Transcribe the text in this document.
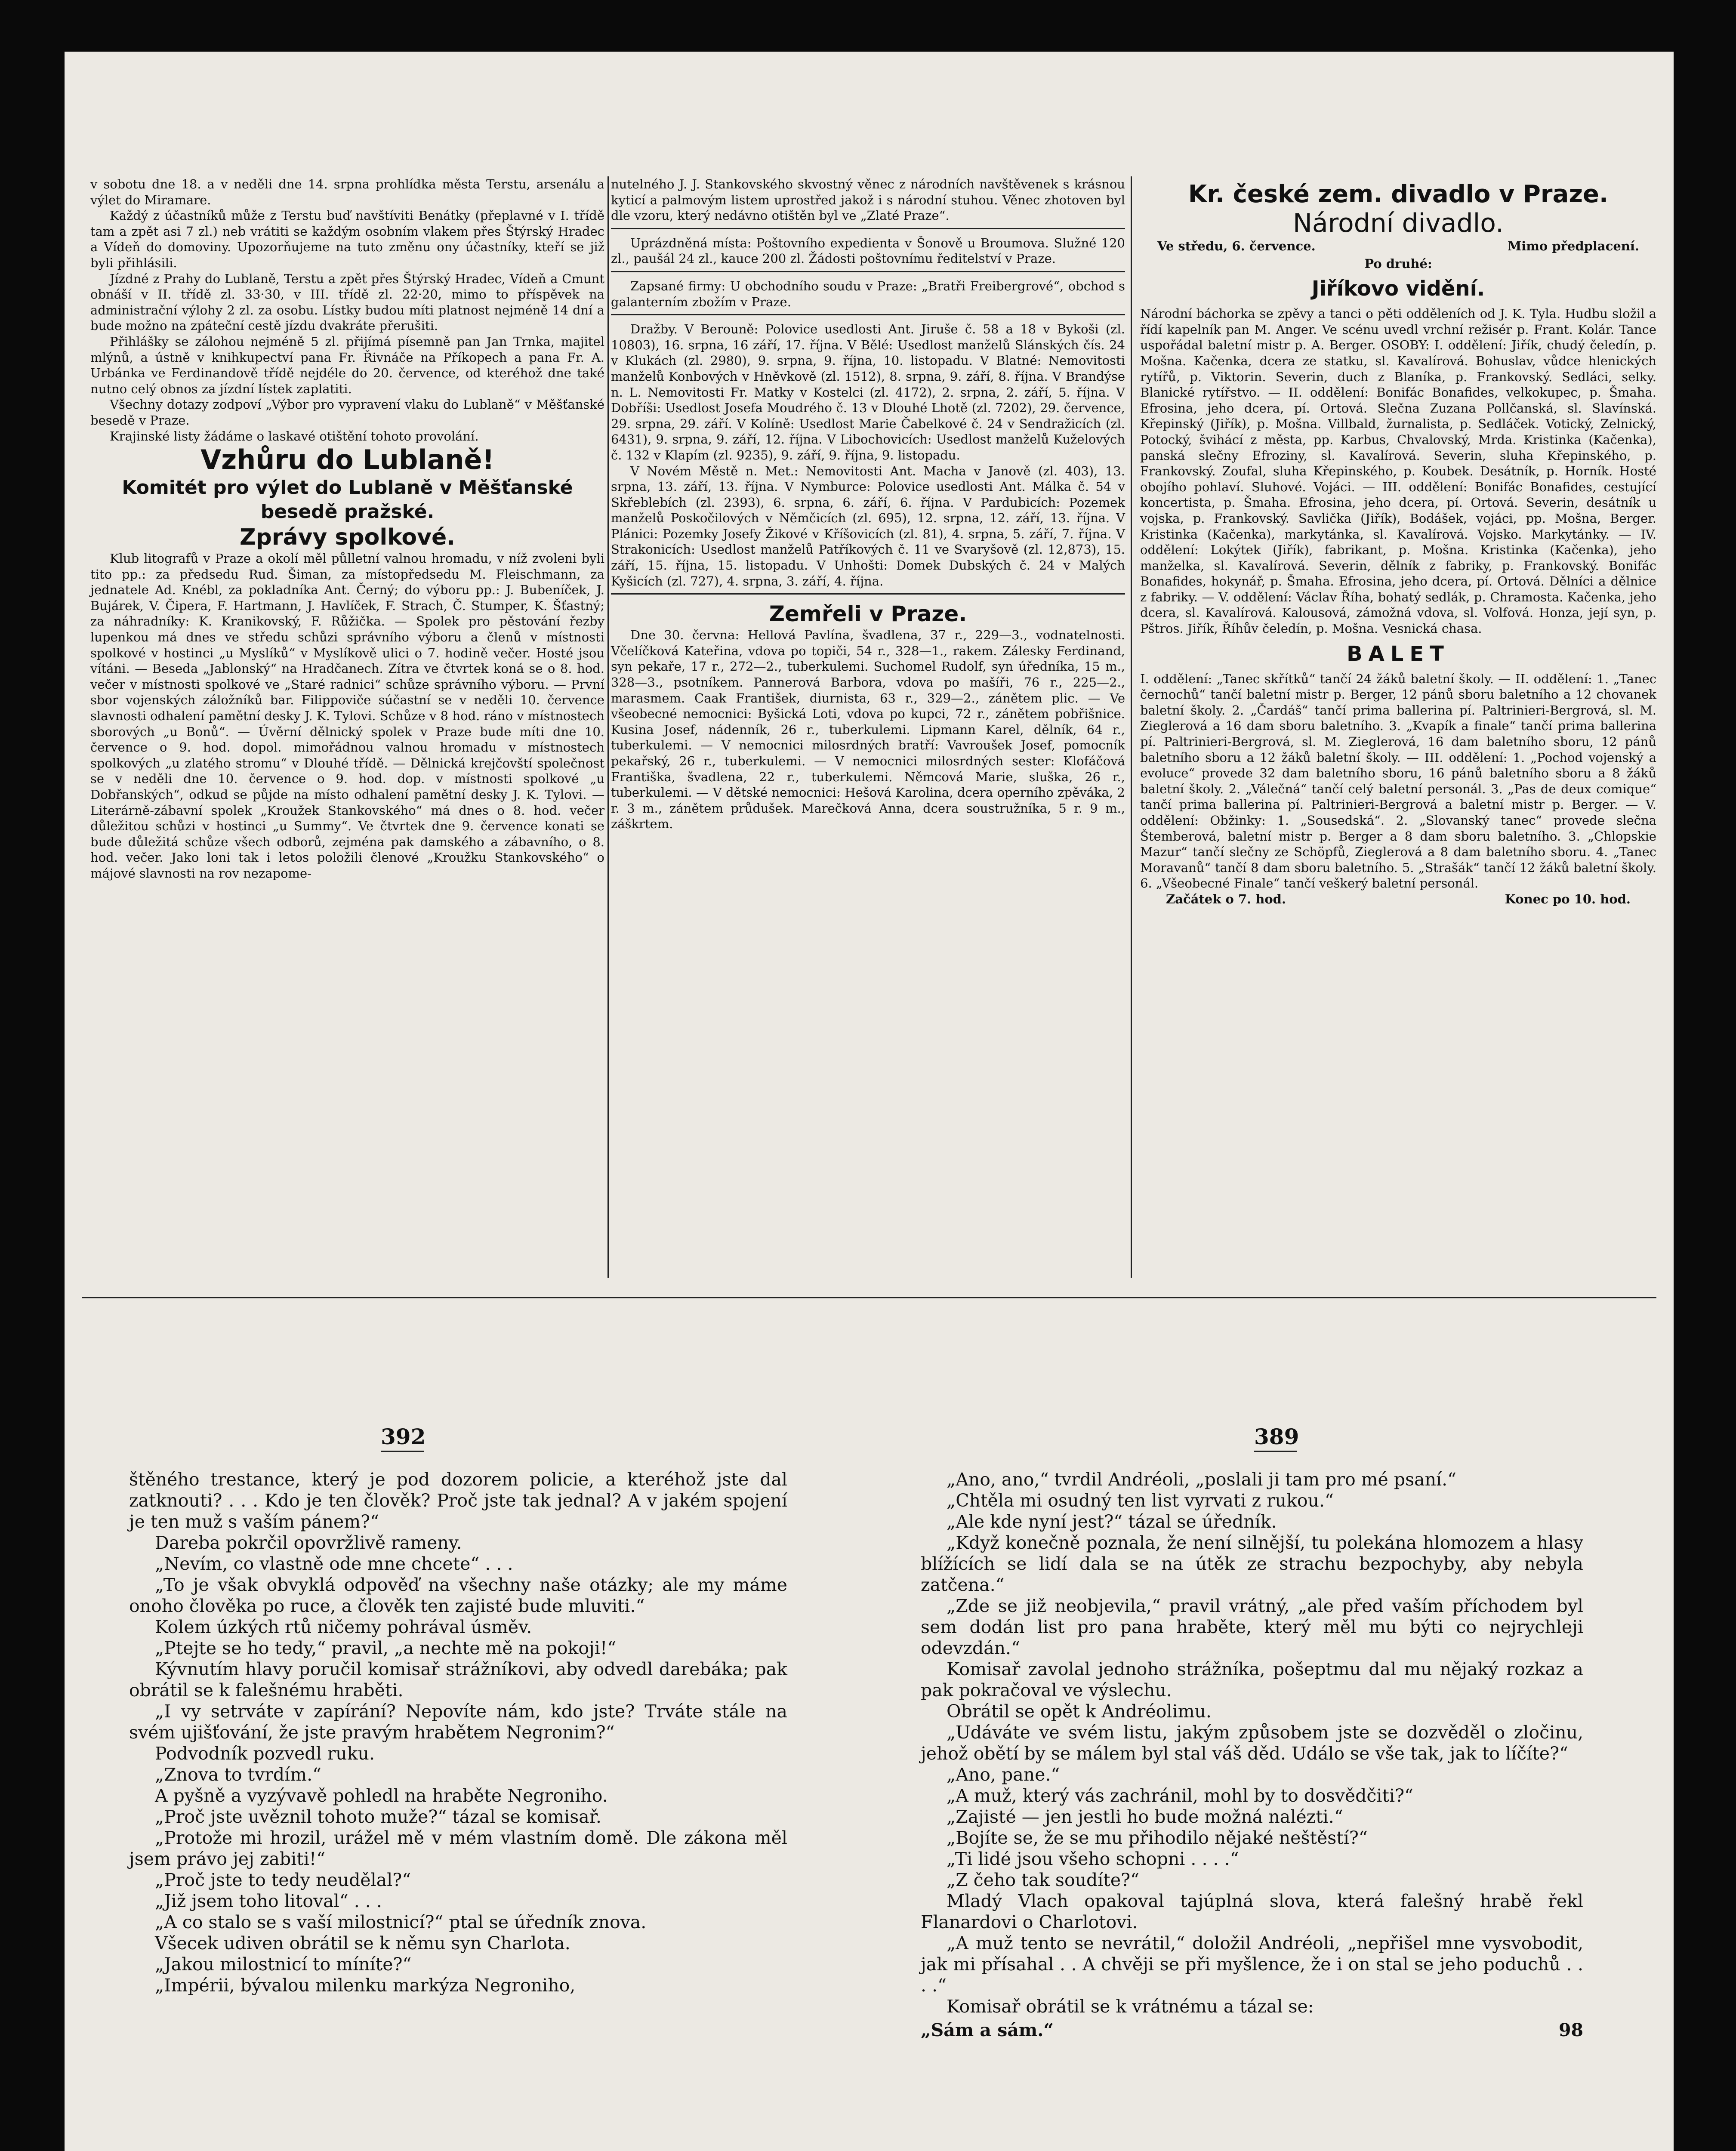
v sobotu dne 18. a v neděli dne 14. srpna prohlídka města Terstu, arsenálu a výlet do Miramare.

Každý z účastníků může z Terstu buď navštíviti Benátky (přeplavné v I. třídě tam a zpět asi 7 zl.) neb vrátiti se každým osobním vlakem přes Štýrský Hradec a Vídeň do domoviny. Upozorňujeme na tuto změnu ony účastníky, kteří se již byli přihlásili.

Jízdné z Prahy do Lublaně, Terstu a zpět přes Štýrský Hradec, Vídeň a Cmunt obnáší v II. třídě zl. 33·30, v III. třídě zl. 22·20, mimo to příspěvek na administrační výlohy 2 zl. za osobu. Lístky budou míti platnost nejméně 14 dní a bude možno na zpáteční cestě jízdu dvakráte přerušiti.

Přihlášky se zálohou nejméně 5 zl. přijímá písemně pan Jan Trnka, majitel mlýnů, a ústně v knihkupectví pana Fr. Řivnáče na Příkopech a pana Fr. A. Urbánka ve Ferdinandově třídě nejdéle do 20. července, od kteréhož dne také nutno celý obnos za jízdní lístek zaplatiti.

Všechny dotazy zodpoví „Výbor pro vypravení vlaku do Lublaně“ v Měšťanské besedě v Praze.

Krajinské listy žádáme o laskavé otištění tohoto provolání.

Vzhůru do Lublaně!

Komitét pro výlet do Lublaně v Měšťanské besedě pražské.

Zprávy spolkové.

Klub litografů v Praze a okolí měl půlletní valnou hromadu, v níž zvoleni byli tito pp.: za předsedu Rud. Šiman, za místopředsedu M. Fleischmann, za jednatele Ad. Knébl, za pokladníka Ant. Černý; do výboru pp.: J. Bubeníček, J. Bujárek, V. Čipera, F. Hartmann, J. Havlíček, F. Strach, Č. Stumper, K. Šťastný; za náhradníky: K. Kranikovský, F. Růžička. — Spolek pro pěstování řezby lupenkou má dnes ve středu schůzi správního výboru a členů v místnosti spolkové v hostinci „u Myslíků“ v Myslíkově ulici o 7. hodině večer. Hosté jsou vítáni. — Beseda „Jablonský“ na Hradčanech. Zítra ve čtvrtek koná se o 8. hod. večer v místnosti spolkové ve „Staré radnici“ schůze správního výboru. — První sbor vojenských záložníků bar. Filippoviče súčastní se v neděli 10. července slavnosti odhalení pamětní desky J. K. Tylovi. Schůze v 8 hod. ráno v místnostech sborových „u Bonů“. — Úvěrní dělnický spolek v Praze bude míti dne 10. července o 9. hod. dopol. mimořádnou valnou hromadu v místnostech spolkových „u zlatého stromu“ v Dlouhé třídě. — Dělnická krejčovští společnost se v neděli dne 10. července o 9. hod. dop. v místnosti spolkové „u Dobřanských“, odkud se půjde na místo odhalení pamětní desky J. K. Tylovi. — Literárně-zábavní spolek „Kroužek Stankovského“ má dnes o 8. hod. večer důležitou schůzi v hostinci „u Summy“. Ve čtvrtek dne 9. července konati se bude důležitá schůze všech odborů, zejména pak damského a zábavního, o 8. hod. večer. Jako loni tak i letos položili členové „Kroužku Stankovského“ o májové slavnosti na rov nezapome-

nutelného J. J. Stankovského skvostný věnec z národních navštěvenek s krásnou kyticí a palmovým listem uprostřed jakož i s národní stuhou. Věnec zhotoven byl dle vzoru, který nedávno otištěn byl ve „Zlaté Praze“.

Uprázdněná místa: Poštovního expedienta v Šonově u Broumova. Služné 120 zl., paušál 24 zl., kauce 200 zl. Žádosti poštovnímu ředitelství v Praze.

Zapsané firmy: U obchodního soudu v Praze: „Bratři Freibergrové“, obchod s galanterním zbožím v Praze.

Dražby. V Berouně: Polovice usedlosti Ant. Jiruše č. 58 a 18 v Bykoši (zl. 10803), 16. srpna, 16 září, 17. října. V Bělé: Usedlost manželů Slánských čís. 24 v Klukách (zl. 2980), 9. srpna, 9. října, 10. listopadu. V Blatné: Nemovitosti manželů Konbových v Hněvkově (zl. 1512), 8. srpna, 9. září, 8. října. V Brandýse n. L. Nemovitosti Fr. Matky v Kostelci (zl. 4172), 2. srpna, 2. září, 5. října. V Dobříši: Usedlost Josefa Moudrého č. 13 v Dlouhé Lhotě (zl. 7202), 29. července, 29. srpna, 29. září. V Kolíně: Usedlost Marie Čabelkové č. 24 v Sendražicích (zl. 6431), 9. srpna, 9. září, 12. října. V Libochovicích: Usedlost manželů Kuželových č. 132 v Klapím (zl. 9235), 9. září, 9. října, 9. listopadu.

V Novém Městě n. Met.: Nemovitosti Ant. Macha v Janově (zl. 403), 13. srpna, 13. září, 13. října. V Nymburce: Polovice usedlosti Ant. Málka č. 54 v Skřeblebích (zl. 2393), 6. srpna, 6. září, 6. října. V Pardubicích: Pozemek manželů Poskočilových v Němčicích (zl. 695), 12. srpna, 12. září, 13. října. V Plánici: Pozemky Josefy Žikové v Kříšovicích (zl. 81), 4. srpna, 5. září, 7. října. V Strakonicích: Usedlost manželů Patříkových č. 11 ve Svaryšově (zl. 12,873), 15. září, 15. října, 15. listopadu. V Unhošti: Domek Dubských č. 24 v Malých Kyšicích (zl. 727), 4. srpna, 3. září, 4. října.

Zemřeli v Praze.

Dne 30. června: Hellová Pavlína, švadlena, 37 r., 229—3., vodnatelnosti. Včelíčková Kateřina, vdova po topiči, 54 r., 328—1., rakem. Zálesky Ferdinand, syn pekaře, 17 r., 272—2., tuberkulemi. Suchomel Rudolf, syn úředníka, 15 m., 328—3., psotníkem. Pannerová Barbora, vdova po mašíři, 76 r., 225—2., marasmem. Caak František, diurnista, 63 r., 329—2., zánětem plic. — Ve všeobecné nemocnici: Byšická Loti, vdova po kupci, 72 r., zánětem pobřišnice. Kusina Josef, nádenník, 26 r., tuberkulemi. Lipmann Karel, dělník, 64 r., tuberkulemi. — V nemocnici milosrdných bratří: Vavroušek Josef, pomocník pekařský, 26 r., tuberkulemi. — V nemocnici milosrdných sester: Klofáčová Františka, švadlena, 22 r., tuberkulemi. Němcová Marie, sluška, 26 r., tuberkulemi. — V dětské nemocnici: Hešová Karolina, dcera operního zpěváka, 2 r. 3 m., zánětem průdušek. Marečková Anna, dcera soustružníka, 5 r. 9 m., záškrtem.

Kr. české zem. divadlo v Praze.
Národní divadlo.
Ve středu, 6. července.	Mimo předplacení.
Po druhé:
Jiříkovo vidění.

Národní báchorka se zpěvy a tanci o pěti odděleních od J. K. Tyla. Hudbu složil a řídí kapelník pan M. Anger. Ve scénu uvedl vrchní režisér p. Frant. Kolár. Tance uspořádal baletní mistr p. A. Berger. OSOBY: I. oddělení: Jiřík, chudý čeledín, p. Mošna. Kačenka, dcera ze statku, sl. Kavalírová. Bohuslav, vůdce hlenických rytířů, p. Viktorin. Severin, duch z Blaníka, p. Frankovský. Sedláci, selky. Blanické rytířstvo. — II. oddělení: Bonifác Bonafides, velkokupec, p. Šmaha. Efrosina, jeho dcera, pí. Ortová. Slečna Zuzana Pollčanská, sl. Slavínská. Křepinský (Jiřík), p. Mošna. Villbald, žurnalista, p. Sedláček. Votický, Zelnický, Potocký, švihácí z města, pp. Karbus, Chvalovský, Mrda. Kristinka (Kačenka), panská slečny Efroziny, sl. Kavalírová. Severin, sluha Křepinského, p. Frankovský. Zoufal, sluha Křepinského, p. Koubek. Desátník, p. Horník. Hosté obojího pohlaví. Sluhové. Vojáci. — III. oddělení: Bonifác Bonafides, cestující koncertista, p. Šmaha. Efrosina, jeho dcera, pí. Ortová. Severin, desátník u vojska, p. Frankovský. Savlička (Jiřík), Bodášek, vojáci, pp. Mošna, Berger. Kristinka (Kačenka), markytánka, sl. Kavalírová. Vojsko. Markytánky. — IV. oddělení: Lokýtek (Jiřík), fabrikant, p. Mošna. Kristinka (Kačenka), jeho manželka, sl. Kavalírová. Severin, dělník z fabriky, p. Frankovský. Bonifác Bonafides, hokynář, p. Šmaha. Efrosina, jeho dcera, pí. Ortová. Dělníci a dělnice z fabriky. — V. oddělení: Václav Říha, bohatý sedlák, p. Chramosta. Kačenka, jeho dcera, sl. Kavalírová. Kalousová, zámožná vdova, sl. Volfová. Honza, její syn, p. Pštros. Jiřík, Říhův čeledín, p. Mošna. Vesnická chasa.

BALET

I. oddělení: „Tanec skřítků“ tančí 24 žáků baletní školy. — II. oddělení: 1. „Tanec černochů“ tančí baletní mistr p. Berger, 12 pánů sboru baletního a 12 chovanek baletní školy. 2. „Čardáš“ tančí prima ballerina pí. Paltrinieri-Bergrová, sl. M. Zieglerová a 16 dam sboru baletního. 3. „Kvapík a finale“ tančí prima ballerina pí. Paltrinieri-Bergrová, sl. M. Zieglerová, 16 dam baletního sboru, 12 pánů baletního sboru a 12 žáků baletní školy. — III. oddělení: 1. „Pochod vojenský a evoluce“ provede 32 dam baletního sboru, 16 pánů baletního sboru a 8 žáků baletní školy. 2. „Válečná“ tančí celý baletní personál. 3. „Pas de deux comique“ tančí prima ballerina pí. Paltrinieri-Bergrová a baletní mistr p. Berger. — V. oddělení: Obžinky: 1. „Sousedská“. 2. „Slovanský tanec“ provede slečna Štemberová, baletní mistr p. Berger a 8 dam sboru baletního. 3. „Chlopskie Mazur“ tančí slečny ze Schöpfů, Zieglerová a 8 dam baletního sboru. 4. „Tanec Moravanů“ tančí 8 dam sboru baletního. 5. „Strašák“ tančí 12 žáků baletní školy. 6. „Všeobecné Finale“ tančí veškerý baletní personál.

Začátek o 7. hod.	Konec po 10. hod.
392	389

štěného trestance, který je pod dozorem policie, a kteréhož jste dal zatknouti? . . . Kdo je ten člověk? Proč jste tak jednal? A v jakém spojení je ten muž s vaším pánem?“

Dareba pokrčil opovržlivě rameny.

„Nevím, co vlastně ode mne chcete“ . . .

„To je však obvyklá odpověď na všechny naše otázky; ale my máme onoho člověka po ruce, a člověk ten zajisté bude mluviti.“

Kolem úzkých rtů ničemy pohrával úsměv.

„Ptejte se ho tedy,“ pravil, „a nechte mě na pokoji!“

Kývnutím hlavy poručil komisař strážníkovi, aby odvedl darebáka; pak obrátil se k falešnému hraběti.

„I vy setrváte v zapírání? Nepovíte nám, kdo jste? Trváte stále na svém ujišťování, že jste pravým hrabětem Negronim?“

Podvodník pozvedl ruku.

„Znova to tvrdím.“

A pyšně a vyzývavě pohledl na hraběte Negroniho.

„Proč jste uvěznil tohoto muže?“ tázal se komisař.

„Protože mi hrozil, urážel mě v mém vlastním domě. Dle zákona měl jsem právo jej zabiti!“

„Proč jste to tedy neudělal?“

„Již jsem toho litoval“ . . .

„A co stalo se s vaší milostnicí?“ ptal se úředník znova.

Všecek udiven obrátil se k němu syn Charlota.

„Jakou milostnicí to míníte?“

„Impérii, bývalou milenku markýza Negroniho,

„Ano, ano,“ tvrdil Andréoli, „poslali ji tam pro mé psaní.“

„Chtěla mi osudný ten list vyrvati z rukou.“

„Ale kde nyní jest?“ tázal se úředník.

„Když konečně poznala, že není silnější, tu polekána hlomozem a hlasy blížících se lidí dala se na útěk ze strachu bezpochyby, aby nebyla zatčena.“

„Zde se již neobjevila,“ pravil vrátný, „ale před vaším příchodem byl sem dodán list pro pana hraběte, který měl mu býti co nejrychleji odevzdán.“

Komisař zavolal jednoho strážníka, pošeptmu dal mu nějaký rozkaz a pak pokračoval ve výslechu.

Obrátil se opět k Andréolimu.

„Udáváte ve svém listu, jakým způsobem jste se dozvěděl o zločinu, jehož obětí by se málem byl stal váš děd. Událo se vše tak, jak to líčíte?“

„Ano, pane.“

„A muž, který vás zachránil, mohl by to dosvědčiti?“

„Zajisté — jen jestli ho bude možná nalézti.“

„Bojíte se, že se mu přihodilo nějaké neštěstí?“

„Ti lidé jsou všeho schopni . . . .“

„Z čeho tak soudíte?“

Mladý Vlach opakoval tajúplná slova, která falešný hrabě řekl Flanardovi o Charlotovi.

„A muž tento se nevrátil,“ doložil Andréoli, „nepřišel mne vysvobodit, jak mi přísahal . . A chvěji se při myšlence, že i on stal se jeho poduchů . . . .“

Komisař obrátil se k vrátnému a tázal se:

„Sám a sám.“	98
